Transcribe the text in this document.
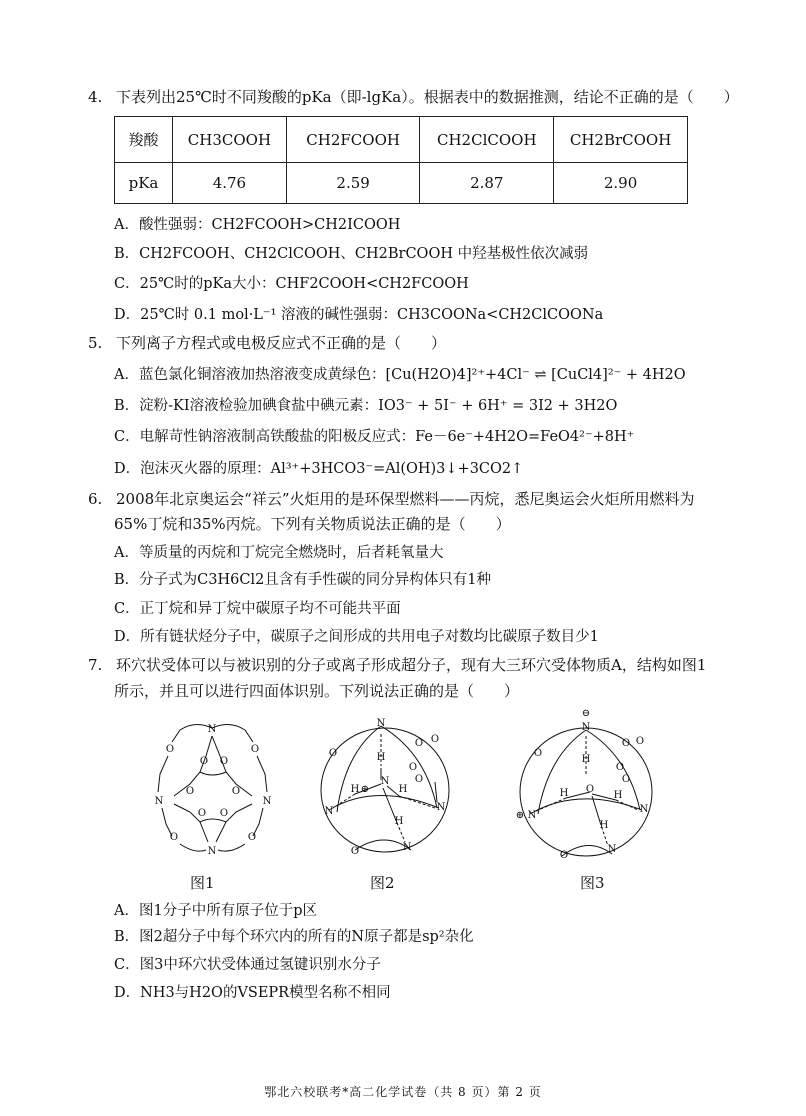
4. 下表列出25℃时不同羧酸的pKa（即-lgKa）。根据表中的数据推测，结论不正确的是（　　）
羧酸	CH3COOH	CH2FCOOH	CH2ClCOOH	CH2BrCOOH
pKa	4.76	2.59	2.87	2.90
A．酸性强弱：CH2FCOOH>CH2ICOOH
B．CH2FCOOH、CH2ClCOOH、CH2BrCOOH 中羟基极性依次减弱
C．25℃时的pKa大小：CHF2COOH<CH2FCOOH
D．25℃时 0.1 mol·L⁻¹ 溶液的碱性强弱：CH3COONa<CH2ClCOONa
5. 下列离子方程式或电极反应式不正确的是（　　）
A．蓝色氯化铜溶液加热溶液变成黄绿色：[Cu(H2O)4]²⁺+4Cl⁻ ⇌ [CuCl4]²⁻ + 4H2O
B．淀粉-KI溶液检验加碘食盐中碘元素：IO3⁻ + 5I⁻ + 6H⁺ = 3I2 + 3H2O
C．电解苛性钠溶液制高铁酸盐的阳极反应式：Fe－6e⁻+4H2O=FeO4²⁻+8H⁺
D．泡沫灭火器的原理：Al³⁺+3HCO3⁻=Al(OH)3↓+3CO2↑
6. 2008年北京奥运会“祥云”火炬用的是环保型燃料——丙烷，悉尼奥运会火炬所用燃料为
65%丁烷和35%丙烷。下列有关物质说法正确的是（　　）
A．等质量的丙烷和丁烷完全燃烧时，后者耗氧量大
B．分子式为C3H6Cl2且含有手性碳的同分异构体只有1种
C．正丁烷和异丁烷中碳原子均不可能共平面
D．所有链状烃分子中，碳原子之间形成的共用电子对数均比碳原子数目少1
7. 环穴状受体可以与被识别的分子或离子形成超分子，现有大三环穴受体物质A，结构如图1
所示，并且可以进行四面体识别。下列说法正确的是（　　）
N
O	O
O O
N	N
O	O
O O
O	O
N
N
H
N
⊕
H	H
H
N	N
N
O
O O
O
O
O
⊖
N
H
O
H	H
H
⊕ N
N
N
O
O O
O
O
O
图1	图2	图3
A．图1分子中所有原子位于p区
B．图2超分子中每个环穴内的所有的N原子都是sp²杂化
C．图3中环穴状受体通过氢键识别水分子
D．NH3与H2O的VSEPR模型名称不相同
鄂北六校联考*高二化学试卷（共 8 页）第 2 页
